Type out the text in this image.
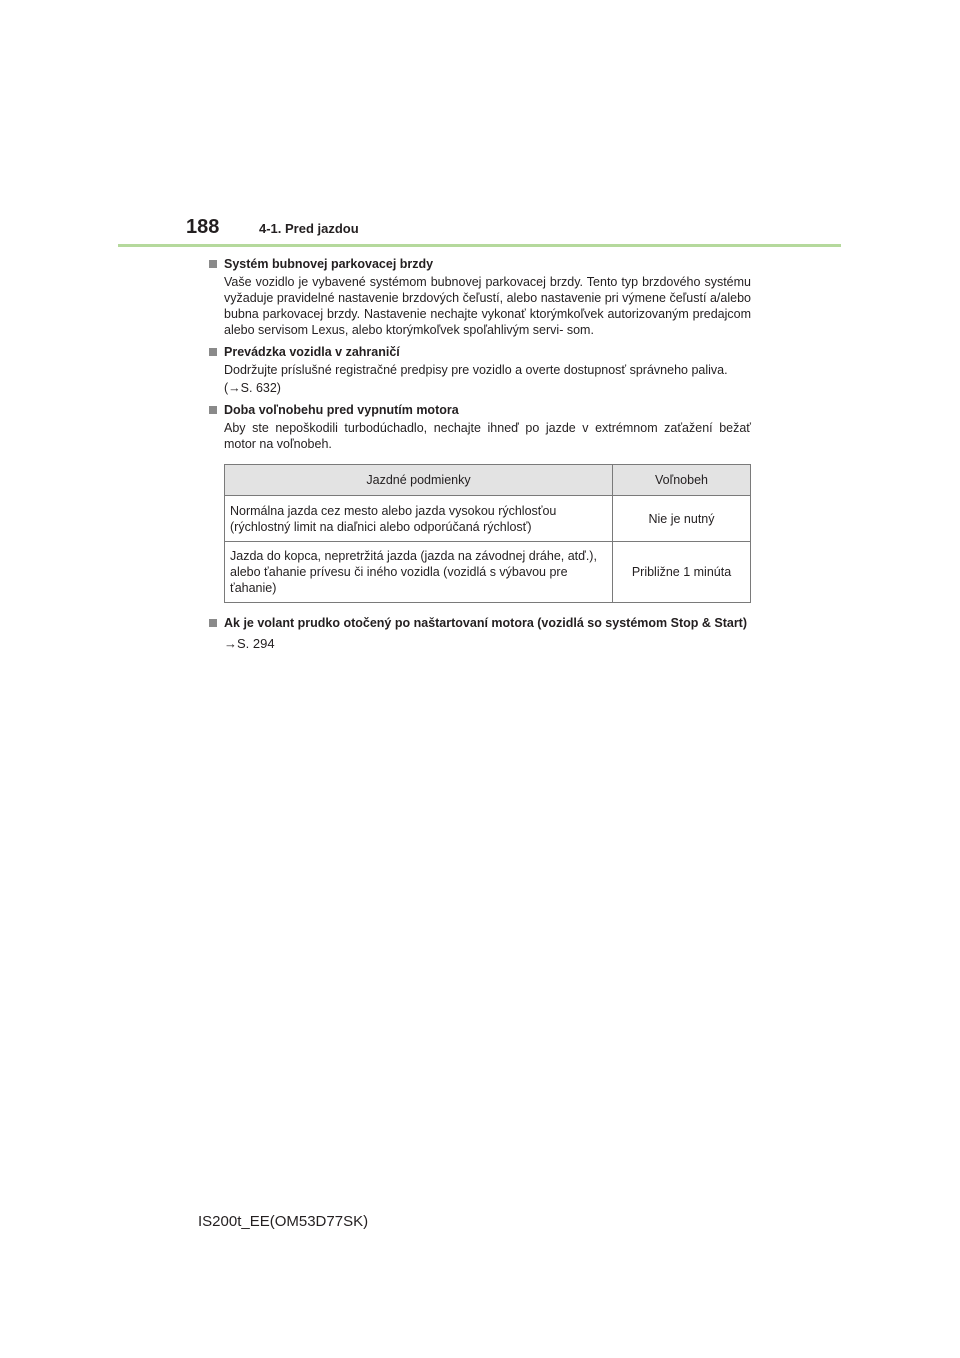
188	4-1. Pred jazdou
Systém bubnovej parkovacej brzdy
Vaše vozidlo je vybavené systémom bubnovej parkovacej brzdy. Tento typ brzdového systému vyžaduje pravidelné nastavenie brzdových čeľustí, alebo nastavenie pri výmene čeľustí a/alebo bubna parkovacej brzdy. Nastavenie nechajte vykonať ktorýmkoľvek autorizovaným predajcom alebo servisom Lexus, alebo ktorýmkoľvek spoľahlivým servi- som.
Prevádzka vozidla v zahraničí
Dodržujte príslušné registračné predpisy pre vozidlo a overte dostupnosť správneho paliva.
(→S. 632)
Doba voľnobehu pred vypnutím motora
Aby ste nepoškodili turbodúchadlo, nechajte ihneď po jazde v extrémnom zaťažení bežať motor na voľnobeh.
Jazdné podmienky	Voľnobeh
Normálna jazda cez mesto alebo jazda vysokou rýchlosťou (rýchlostný limit na diaľnici alebo odporúčaná rýchlosť)	Nie je nutný
Jazda do kopca, nepretržitá jazda (jazda na závodnej dráhe, atď.), alebo ťahanie prívesu či iného vozidla (vozidlá s výbavou pre ťahanie)	Približne 1 minúta
Ak je volant prudko otočený po naštartovaní motora (vozidlá so systémom Stop & Start)
→S. 294
IS200t_EE(OM53D77SK)
